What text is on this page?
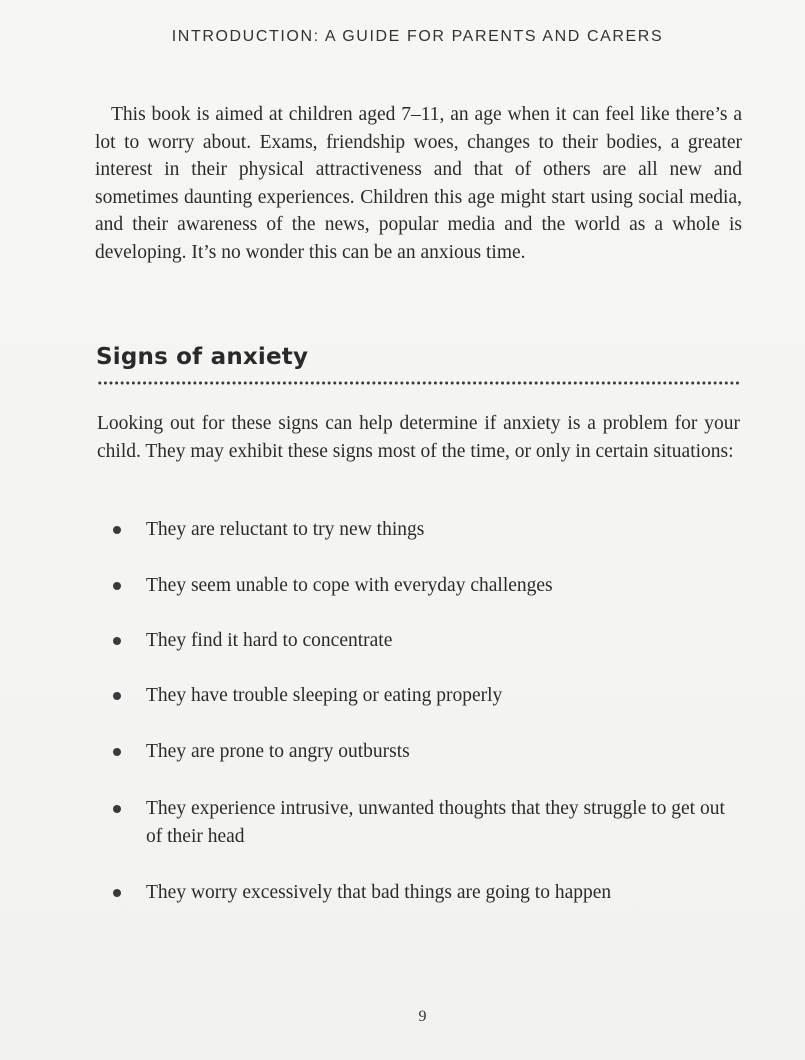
INTRODUCTION: A GUIDE FOR PARENTS AND CARERS

This book is aimed at children aged 7–11, an age when it can feel like there’s a lot to worry about. Exams, friendship woes, changes to their bodies, a greater interest in their physical attractiveness and that of others are all new and sometimes daunting experiences. Children this age might start using social media, and their awareness of the news, popular media and the world as a whole is developing. It’s no wonder this can be an anxious time.

Signs of anxiety

Looking out for these signs can help determine if anxiety is a problem for your child. They may exhibit these signs most of the time, or only in certain situations:

They are reluctant to try new things
They seem unable to cope with everyday challenges
They find it hard to concentrate
They have trouble sleeping or eating properly
They are prone to angry outbursts
They experience intrusive, unwanted thoughts that they struggle to get out of their head
They worry excessively that bad things are going to happen
9
